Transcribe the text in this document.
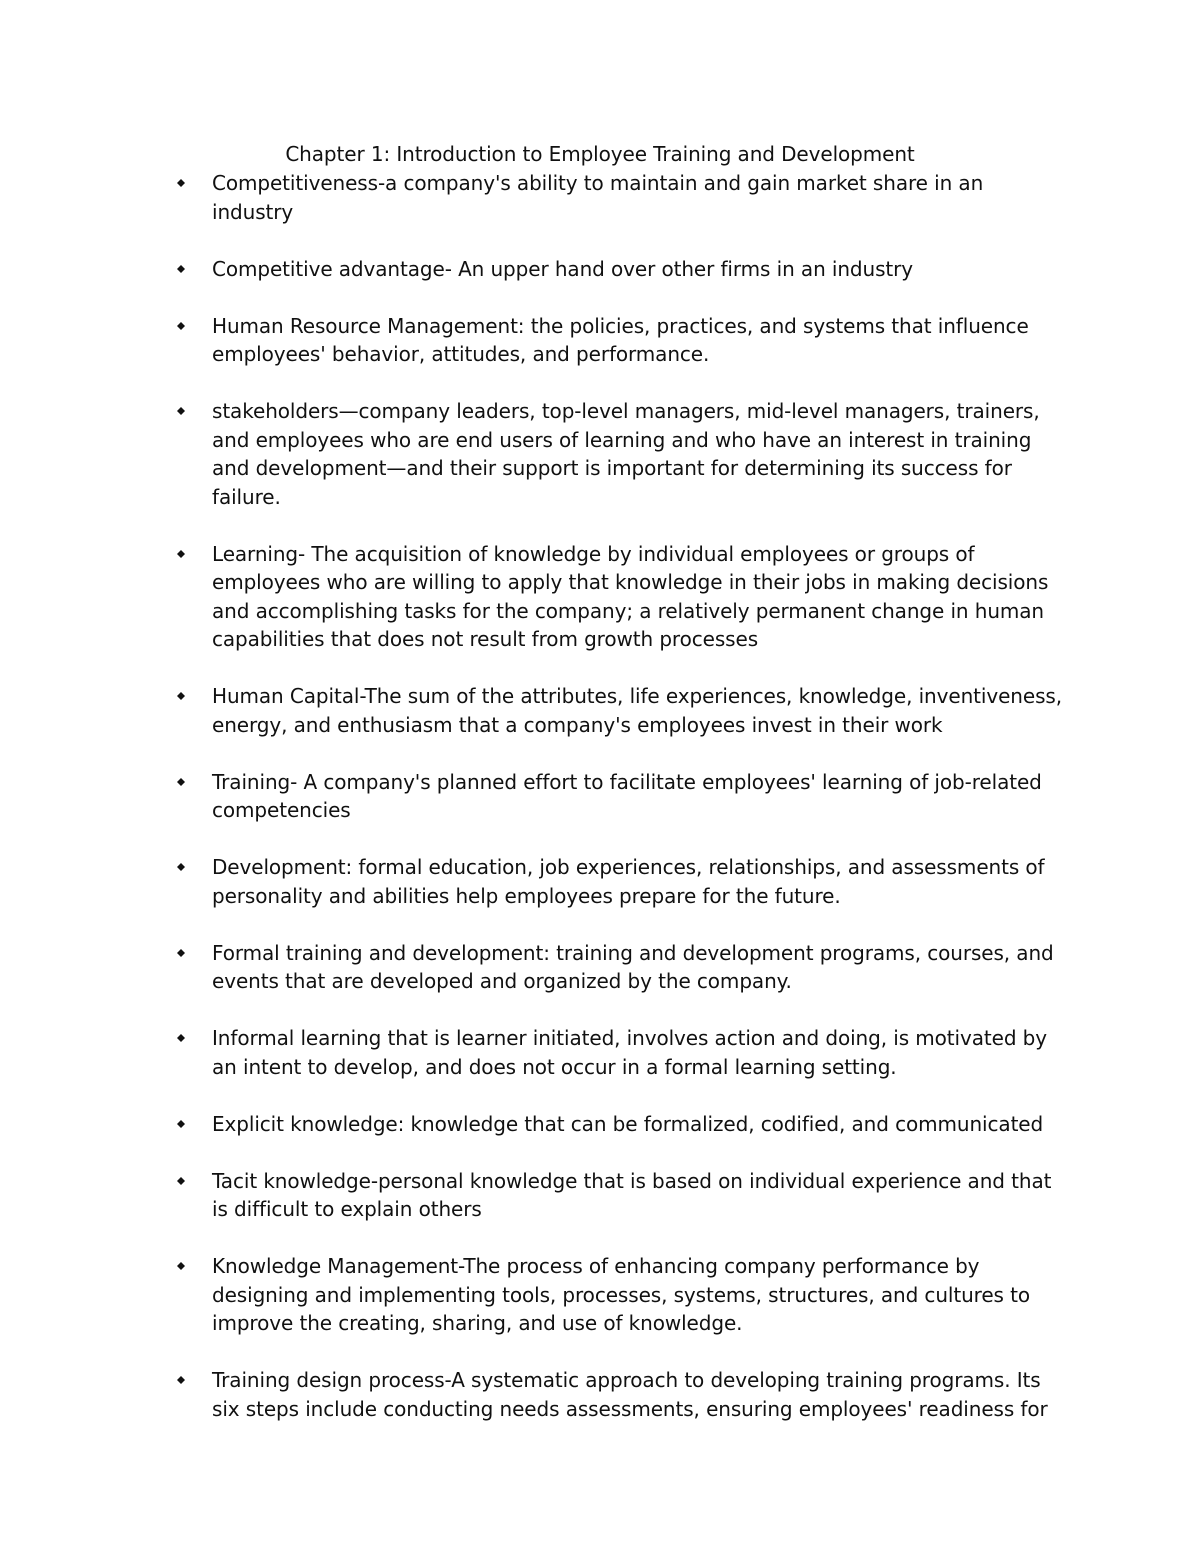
Chapter 1: Introduction to Employee Training and Development
Competitiveness-a company's ability to maintain and gain market share in an industry
Competitive advantage- An upper hand over other firms in an industry
Human Resource Management: the policies, practices, and systems that influence employees' behavior, attitudes, and performance.
stakeholders—company leaders, top-level managers, mid-level managers, trainers, and employees who are end users of learning and who have an interest in training and development—and their support is important for determining its success for failure.
Learning- The acquisition of knowledge by individual employees or groups of employees who are willing to apply that knowledge in their jobs in making decisions and accomplishing tasks for the company; a relatively permanent change in human capabilities that does not result from growth processes
Human Capital-The sum of the attributes, life experiences, knowledge, inventiveness, energy, and enthusiasm that a company's employees invest in their work
Training- A company's planned effort to facilitate employees' learning of job-related competencies
Development: formal education, job experiences, relationships, and assessments of personality and abilities help employees prepare for the future.
Formal training and development: training and development programs, courses, and events that are developed and organized by the company.
Informal learning that is learner initiated, involves action and doing, is motivated by an intent to develop, and does not occur in a formal learning setting.
Explicit knowledge: knowledge that can be formalized, codified, and communicated
Tacit knowledge-personal knowledge that is based on individual experience and that is difficult to explain others
Knowledge Management-The process of enhancing company performance by designing and implementing tools, processes, systems, structures, and cultures to improve the creating, sharing, and use of knowledge.
Training design process-A systematic approach to developing training programs. Its six steps include conducting needs assessments, ensuring employees' readiness for
